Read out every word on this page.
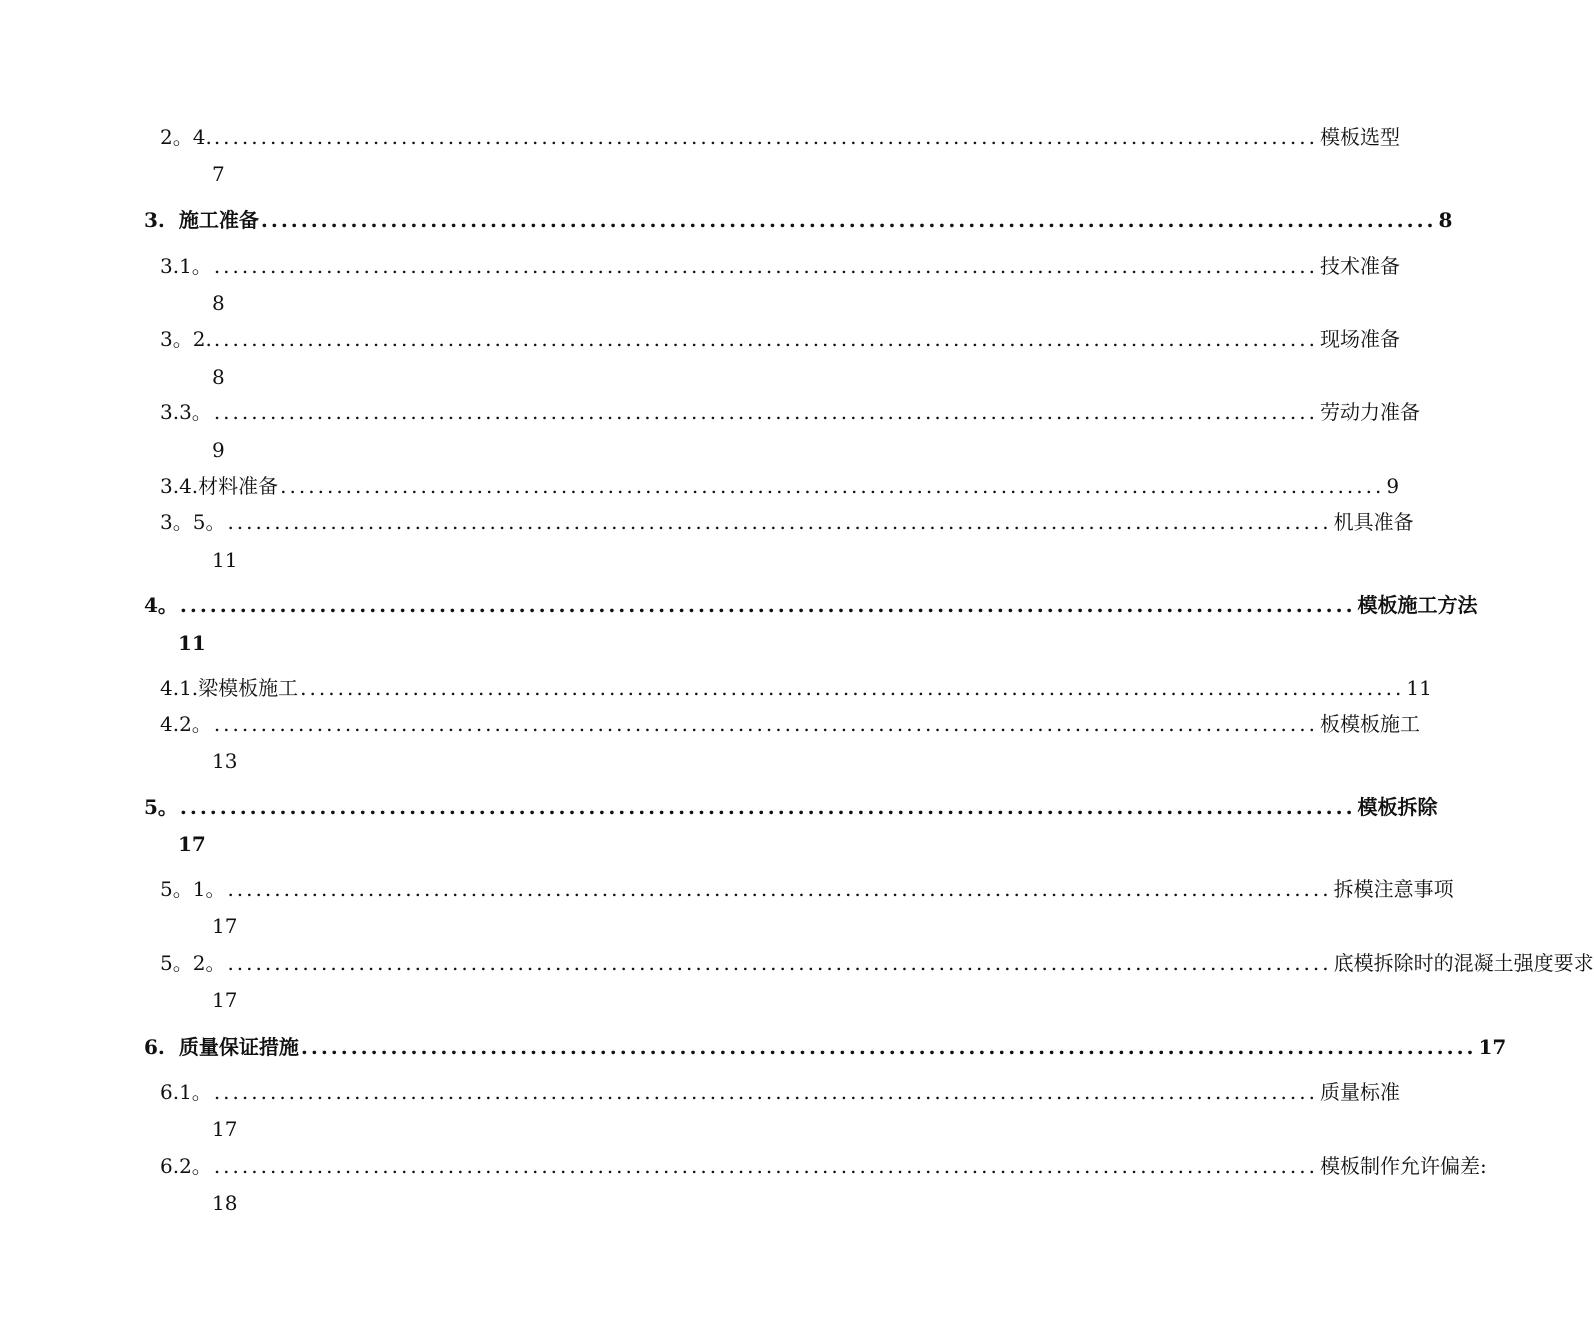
2。4. ...................................................................................................................... 模板选型
7
3. 施工准备 ...................................................................................................................... 8
3.1。 ...................................................................................................................... 技术准备
8
3。2. ...................................................................................................................... 现场准备
8
3.3。 ...................................................................................................................... 劳动力准备
9
3.4. 材料准备 ...................................................................................................................... 9
3。5。 ...................................................................................................................... 机具准备
11
4。 ...................................................................................................................... 模板施工方法
11
4.1. 梁模板施工 ...................................................................................................................... 11
4.2。 ...................................................................................................................... 板模板施工
13
5。 ...................................................................................................................... 模板拆除
17
5。1。 ...................................................................................................................... 拆模注意事项
17
5。2。 ...................................................................................................................... 底模拆除时的混凝土强度要求
17
6. 质量保证措施 ...................................................................................................................... 17
6.1。 ...................................................................................................................... 质量标准
17
6.2。 ...................................................................................................................... 模板制作允许偏差:
18
